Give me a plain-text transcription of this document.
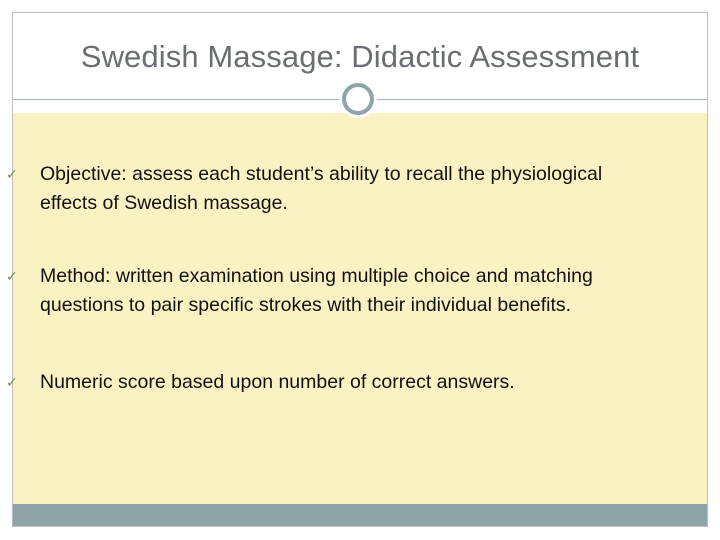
Swedish Massage: Didactic Assessment
✓ Objective: assess each student’s ability to recall the physiological effects of Swedish massage.
✓ Method: written examination using multiple choice and matching questions to pair specific strokes with their individual benefits.
✓ Numeric score based upon number of correct answers.
